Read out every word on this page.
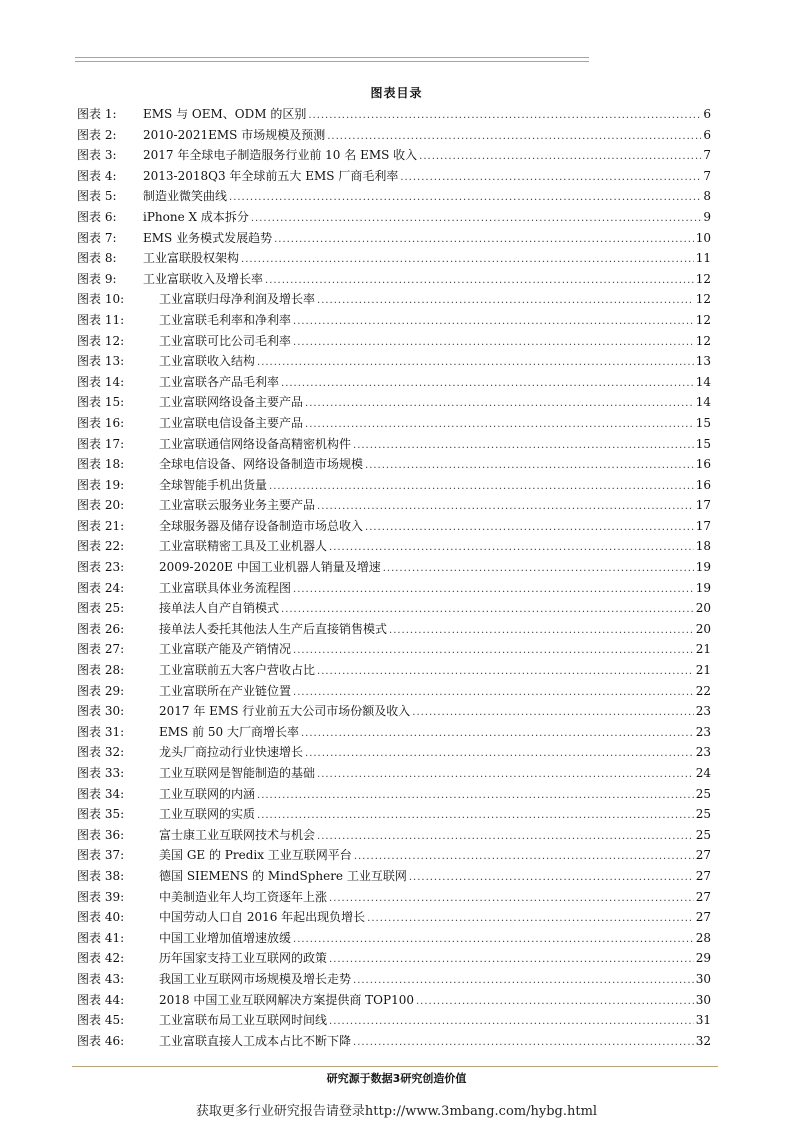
图表目录
图表 1:	EMS 与 OEM、ODM 的区别 .....	6
图表 2:	2010-2021EMS 市场规模及预测 .....	6
图表 3:	2017 年全球电子制造服务行业前 10 名 EMS 收入 .....	7
图表 4:	2013-2018Q3 年全球前五大 EMS 厂商毛利率 .....	7
图表 5:	制造业微笑曲线 .....	8
图表 6:	iPhone X 成本拆分 .....	9
图表 7:	EMS 业务模式发展趋势 .....	10
图表 8:	工业富联股权架构 .....	11
图表 9:	工业富联收入及增长率 .....	12
图表 10:	工业富联归母净利润及增长率 .....	12
图表 11:	工业富联毛利率和净利率 .....	12
图表 12:	工业富联可比公司毛利率 .....	12
图表 13:	工业富联收入结构 .....	13
图表 14:	工业富联各产品毛利率 .....	14
图表 15:	工业富联网络设备主要产品 .....	14
图表 16:	工业富联电信设备主要产品 .....	15
图表 17:	工业富联通信网络设备高精密机构件 .....	15
图表 18:	全球电信设备、网络设备制造市场规模 .....	16
图表 19:	全球智能手机出货量 .....	16
图表 20:	工业富联云服务业务主要产品 .....	17
图表 21:	全球服务器及储存设备制造市场总收入 .....	17
图表 22:	工业富联精密工具及工业机器人 .....	18
图表 23:	2009-2020E 中国工业机器人销量及增速 .....	19
图表 24:	工业富联具体业务流程图 .....	19
图表 25:	接单法人自产自销模式 .....	20
图表 26:	接单法人委托其他法人生产后直接销售模式 .....	20
图表 27:	工业富联产能及产销情况 .....	21
图表 28:	工业富联前五大客户营收占比 .....	21
图表 29:	工业富联所在产业链位置 .....	22
图表 30:	2017 年 EMS 行业前五大公司市场份额及收入 .....	23
图表 31:	EMS 前 50 大厂商增长率 .....	23
图表 32:	龙头厂商拉动行业快速增长 .....	23
图表 33:	工业互联网是智能制造的基础 .....	24
图表 34:	工业互联网的内涵 .....	25
图表 35:	工业互联网的实质 .....	25
图表 36:	富士康工业互联网技术与机会 .....	25
图表 37:	美国 GE 的 Predix 工业互联网平台 .....	27
图表 38:	德国 SIEMENS 的 MindSphere 工业互联网 .....	27
图表 39:	中美制造业年人均工资逐年上涨 .....	27
图表 40:	中国劳动人口自 2016 年起出现负增长 .....	27
图表 41:	中国工业增加值增速放缓 .....	28
图表 42:	历年国家支持工业互联网的政策 .....	29
图表 43:	我国工业互联网市场规模及增长走势 .....	30
图表 44:	2018 中国工业互联网解决方案提供商 TOP100 .....	30
图表 45:	工业富联布局工业互联网时间线 .....	31
图表 46:	工业富联直接人工成本占比不断下降 .....	32
研究源于数据3研究创造价值
获取更多行业研究报告请登录http://www.3mbang.com/hybg.html
